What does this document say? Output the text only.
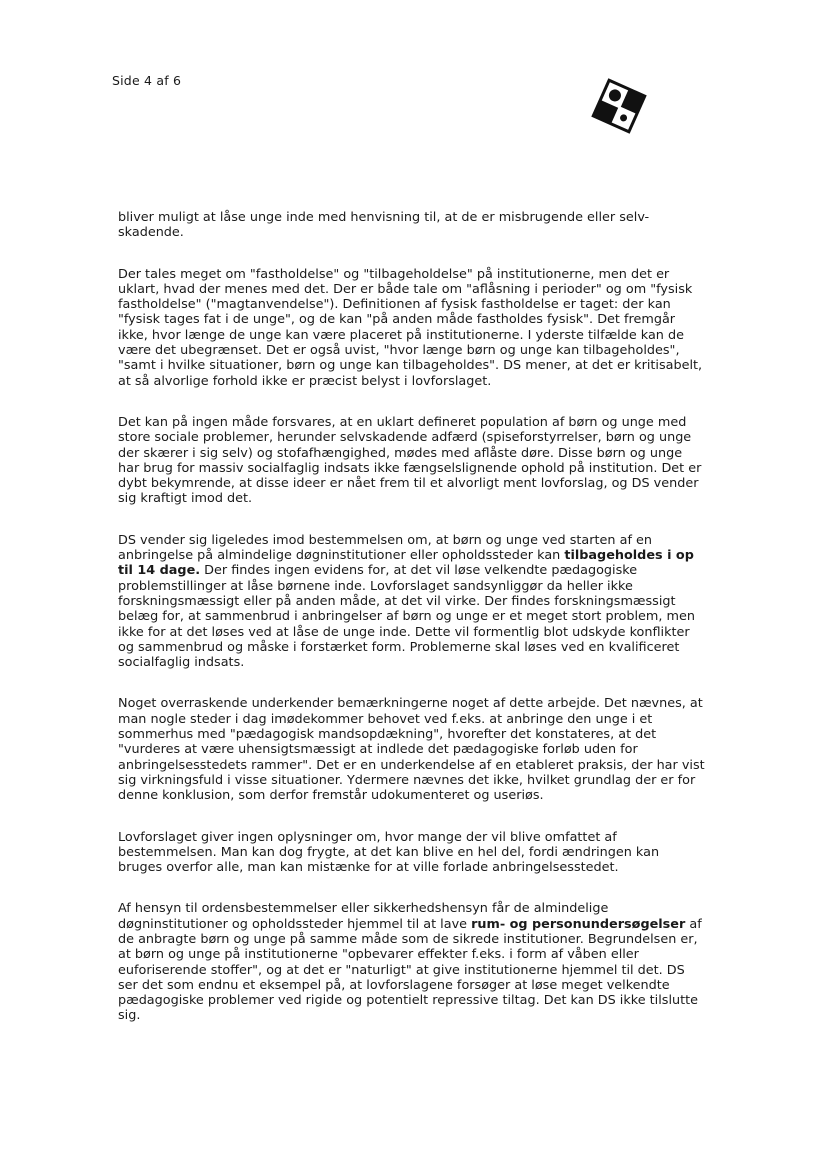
Side 4 af 6

bliver muligt at låse unge inde med henvisning til, at de er misbrugende eller selv-skadende.

Der tales meget om "fastholdelse" og "tilbageholdelse" på institutionerne, men det er uklart, hvad der menes med det. Der er både tale om "aflåsning i perioder" og om "fysisk fastholdelse" ("magtanvendelse"). Definitionen af fysisk fastholdelse er taget: der kan "fysisk tages fat i de unge", og de kan "på anden måde fastholdes fysisk". Det fremgår ikke, hvor længe de unge kan være placeret på institutionerne. I yderste tilfælde kan de være det ubegrænset. Det er også uvist, "hvor længe børn og unge kan tilbageholdes", "samt i hvilke situationer, børn og unge kan tilbageholdes". DS mener, at det er kritisabelt, at så alvorlige forhold ikke er præcist belyst i lovforslaget.

Det kan på ingen måde forsvares, at en uklart defineret population af børn og unge med store sociale problemer, herunder selvskadende adfærd (spiseforstyrrelser, børn og unge der skærer i sig selv) og stofafhængighed, mødes med aflåste døre. Disse børn og unge har brug for massiv socialfaglig indsats ikke fængselslignende ophold på institution. Det er dybt bekymrende, at disse ideer er nået frem til et alvorligt ment lovforslag, og DS vender sig kraftigt imod det.

DS vender sig ligeledes imod bestemmelsen om, at børn og unge ved starten af en anbringelse på almindelige døgninstitutioner eller opholdssteder kan tilbageholdes i op til 14 dage. Der findes ingen evidens for, at det vil løse velkendte pædagogiske problemstillinger at låse børnene inde. Lovforslaget sandsynliggør da heller ikke forskningsmæssigt eller på anden måde, at det vil virke. Der findes forskningsmæssigt belæg for, at sammenbrud i anbringelser af børn og unge er et meget stort problem, men ikke for at det løses ved at låse de unge inde. Dette vil formentlig blot udskyde konflikter og sammenbrud og måske i forstærket form. Problemerne skal løses ved en kvalificeret socialfaglig indsats.

Noget overraskende underkender bemærkningerne noget af dette arbejde. Det nævnes, at man nogle steder i dag imødekommer behovet ved f.eks. at anbringe den unge i et sommerhus med "pædagogisk mandsopdækning", hvorefter det konstateres, at det "vurderes at være uhensigtsmæssigt at indlede det pædagogiske forløb uden for anbringelsesstedets rammer". Det er en underkendelse af en etableret praksis, der har vist sig virkningsfuld i visse situationer. Ydermere nævnes det ikke, hvilket grundlag der er for denne konklusion, som derfor fremstår udokumenteret og useriøs.

Lovforslaget giver ingen oplysninger om, hvor mange der vil blive omfattet af bestemmelsen. Man kan dog frygte, at det kan blive en hel del, fordi ændringen kan bruges overfor alle, man kan mistænke for at ville forlade anbringelsesstedet.

Af hensyn til ordensbestemmelser eller sikkerhedshensyn får de almindelige døgninstitutioner og opholdssteder hjemmel til at lave rum- og personundersøgelser af de anbragte børn og unge på samme måde som de sikrede institutioner. Begrundelsen er, at børn og unge på institutionerne "opbevarer effekter f.eks. i form af våben eller euforiserende stoffer", og at det er "naturligt" at give institutionerne hjemmel til det. DS ser det som endnu et eksempel på, at lovforslagene forsøger at løse meget velkendte pædagogiske problemer ved rigide og potentielt repressive tiltag. Det kan DS ikke tilslutte sig.
